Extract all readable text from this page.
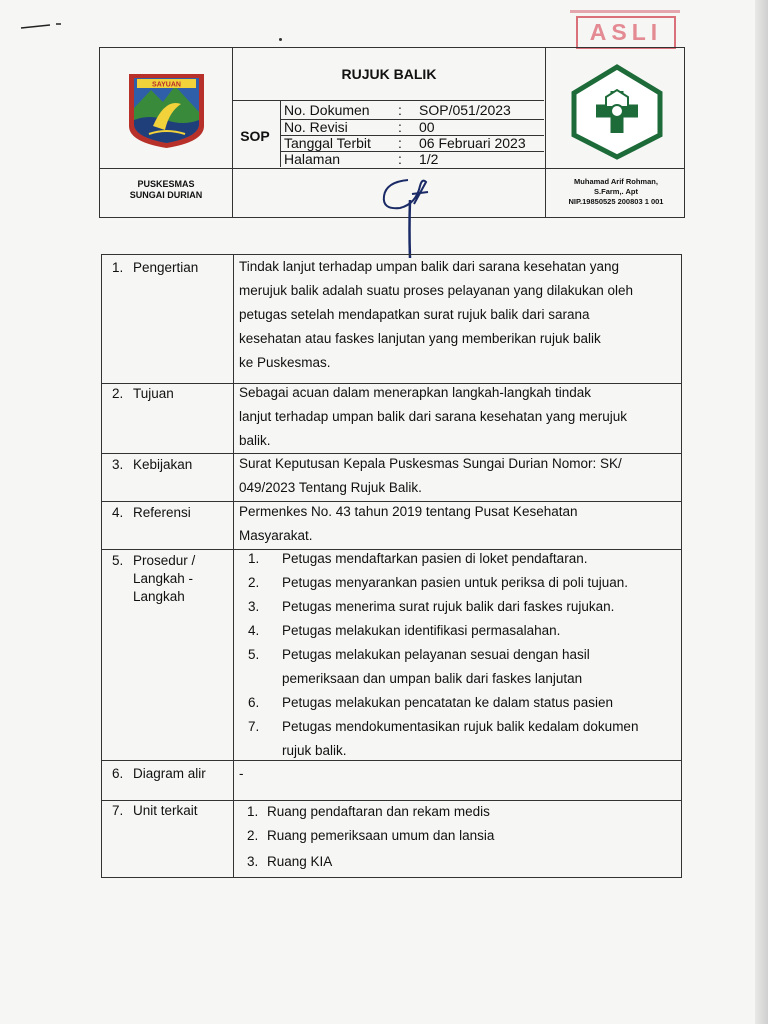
ASLI
SAYUAN
RUJUK BALIK
SOP
No. Dokumen : SOP/051/2023
No. Revisi	: 00
Tanggal Terbit : 06 Februari 2023
Halaman	: 1/2
PUSKESMAS
SUNGAI DURIAN
Muhamad Arif Rohman,
S.Farm,. Apt
NIP.19850525 200803 1 001
1. Pengertian	Tindak lanjut terhadap umpan balik dari sarana kesehatan yang
merujuk balik adalah suatu proses pelayanan yang dilakukan oleh
petugas setelah mendapatkan surat rujuk balik dari sarana
kesehatan atau faskes lanjutan yang memberikan rujuk balik
ke Puskesmas.
2. Tujuan	Sebagai acuan dalam menerapkan langkah-langkah tindak
lanjut terhadap umpan balik dari sarana kesehatan yang merujuk
balik.
3. Kebijakan	Surat Keputusan Kepala Puskesmas Sungai Durian Nomor: SK/
049/2023 Tentang Rujuk Balik.
4. Referensi	Permenkes No. 43 tahun 2019 tentang Pusat Kesehatan
Masyarakat.
5. Prosedur /
Langkah -
Langkah
1. Petugas mendaftarkan pasien di loket pendaftaran.
2. Petugas menyarankan pasien untuk periksa di poli tujuan.
3. Petugas menerima surat rujuk balik dari faskes rujukan.
4. Petugas melakukan identifikasi permasalahan.
5. Petugas melakukan pelayanan sesuai dengan hasil
pemeriksaan dan umpan balik dari faskes lanjutan
6. Petugas melakukan pencatatan ke dalam status pasien
7. Petugas mendokumentasikan rujuk balik kedalam dokumen
rujuk balik.
6. Diagram alir -
7. Unit terkait	1. Ruang pendaftaran dan rekam medis
2. Ruang pemeriksaan umum dan lansia
3. Ruang KIA
